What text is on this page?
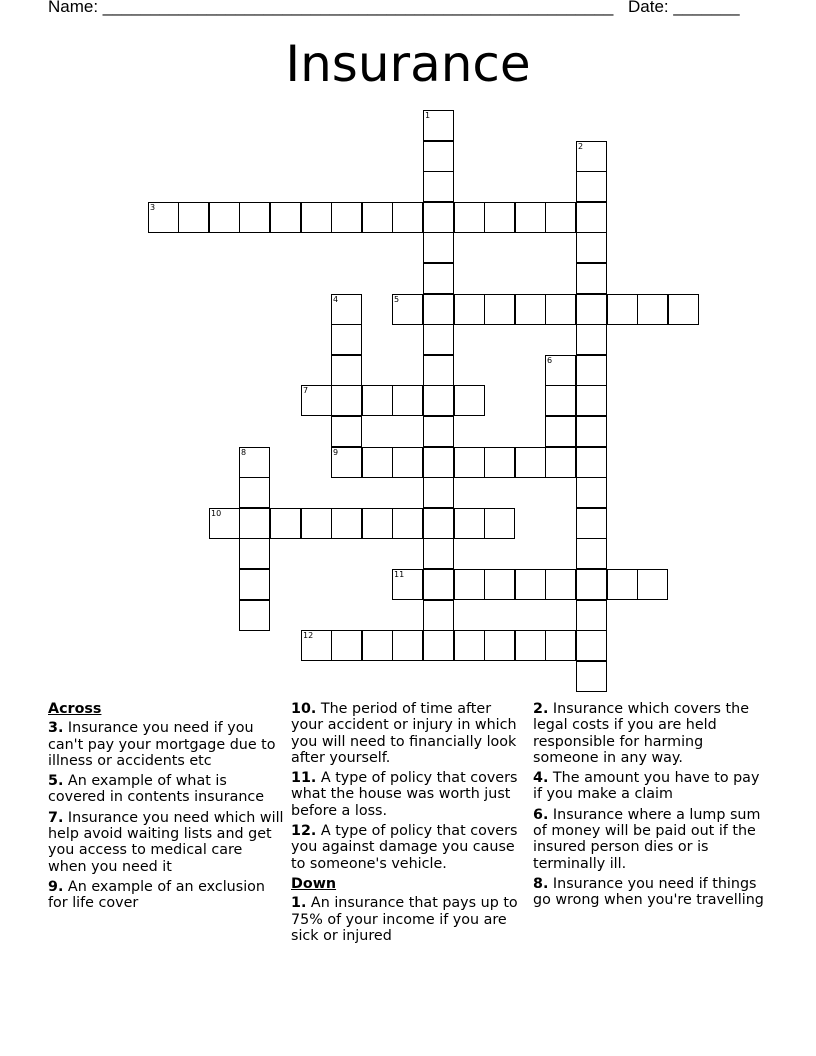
Name: ______________________________________________________ Date: _______
Insurance
1
2
3
4
9
5
6
7
8
10
11
12
Across
3. Insurance you need if you can't pay your mortgage due to illness or accidents etc
5. An example of what is covered in contents insurance
7. Insurance you need which will help avoid waiting lists and get you access to medical care when you need it
9. An example of an exclusion for life cover
10. The period of time after your accident or injury in which you will need to financially look after yourself.
11. A type of policy that covers what the house was worth just before a loss.
12. A type of policy that covers you against damage you cause to someone's vehicle.
Down
1. An insurance that pays up to 75% of your income if you are sick or injured
2. Insurance which covers the legal costs if you are held responsible for harming someone in any way.
4. The amount you have to pay if you make a claim
6. Insurance where a lump sum of money will be paid out if the insured person dies or is terminally ill.
8. Insurance you need if things go wrong when you're travelling
